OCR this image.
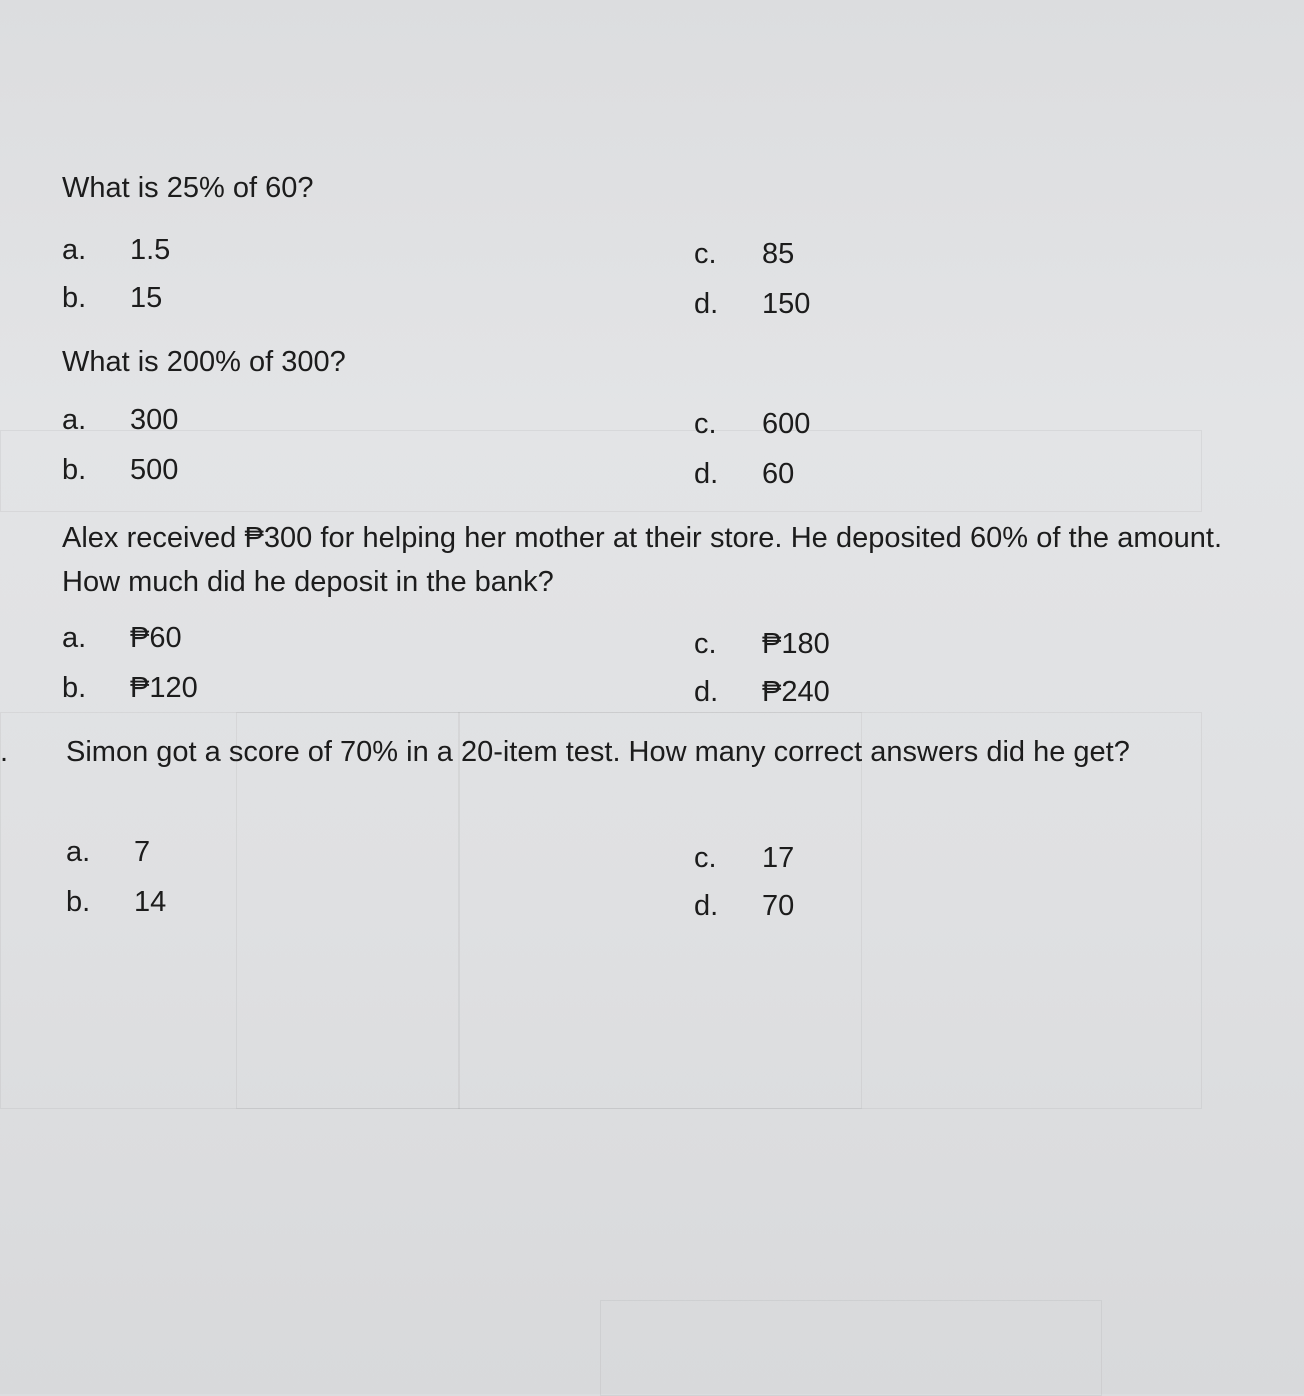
What is 25% of 60?

a. 1.5
b. 15
c. 85
d. 150

What is 200% of 300?

a. 300
b. 500
c. 600
d. 60

Alex received ₱300 for helping her mother at their store. He deposited 60% of the amount. How much did he deposit in the bank?

a. ₱60
b. ₱120
c. ₱180
d. ₱240
. Simon got a score of 70% in a 20-item test. How many correct answers did he get?

a. 7
b. 14
c. 17
d. 70
